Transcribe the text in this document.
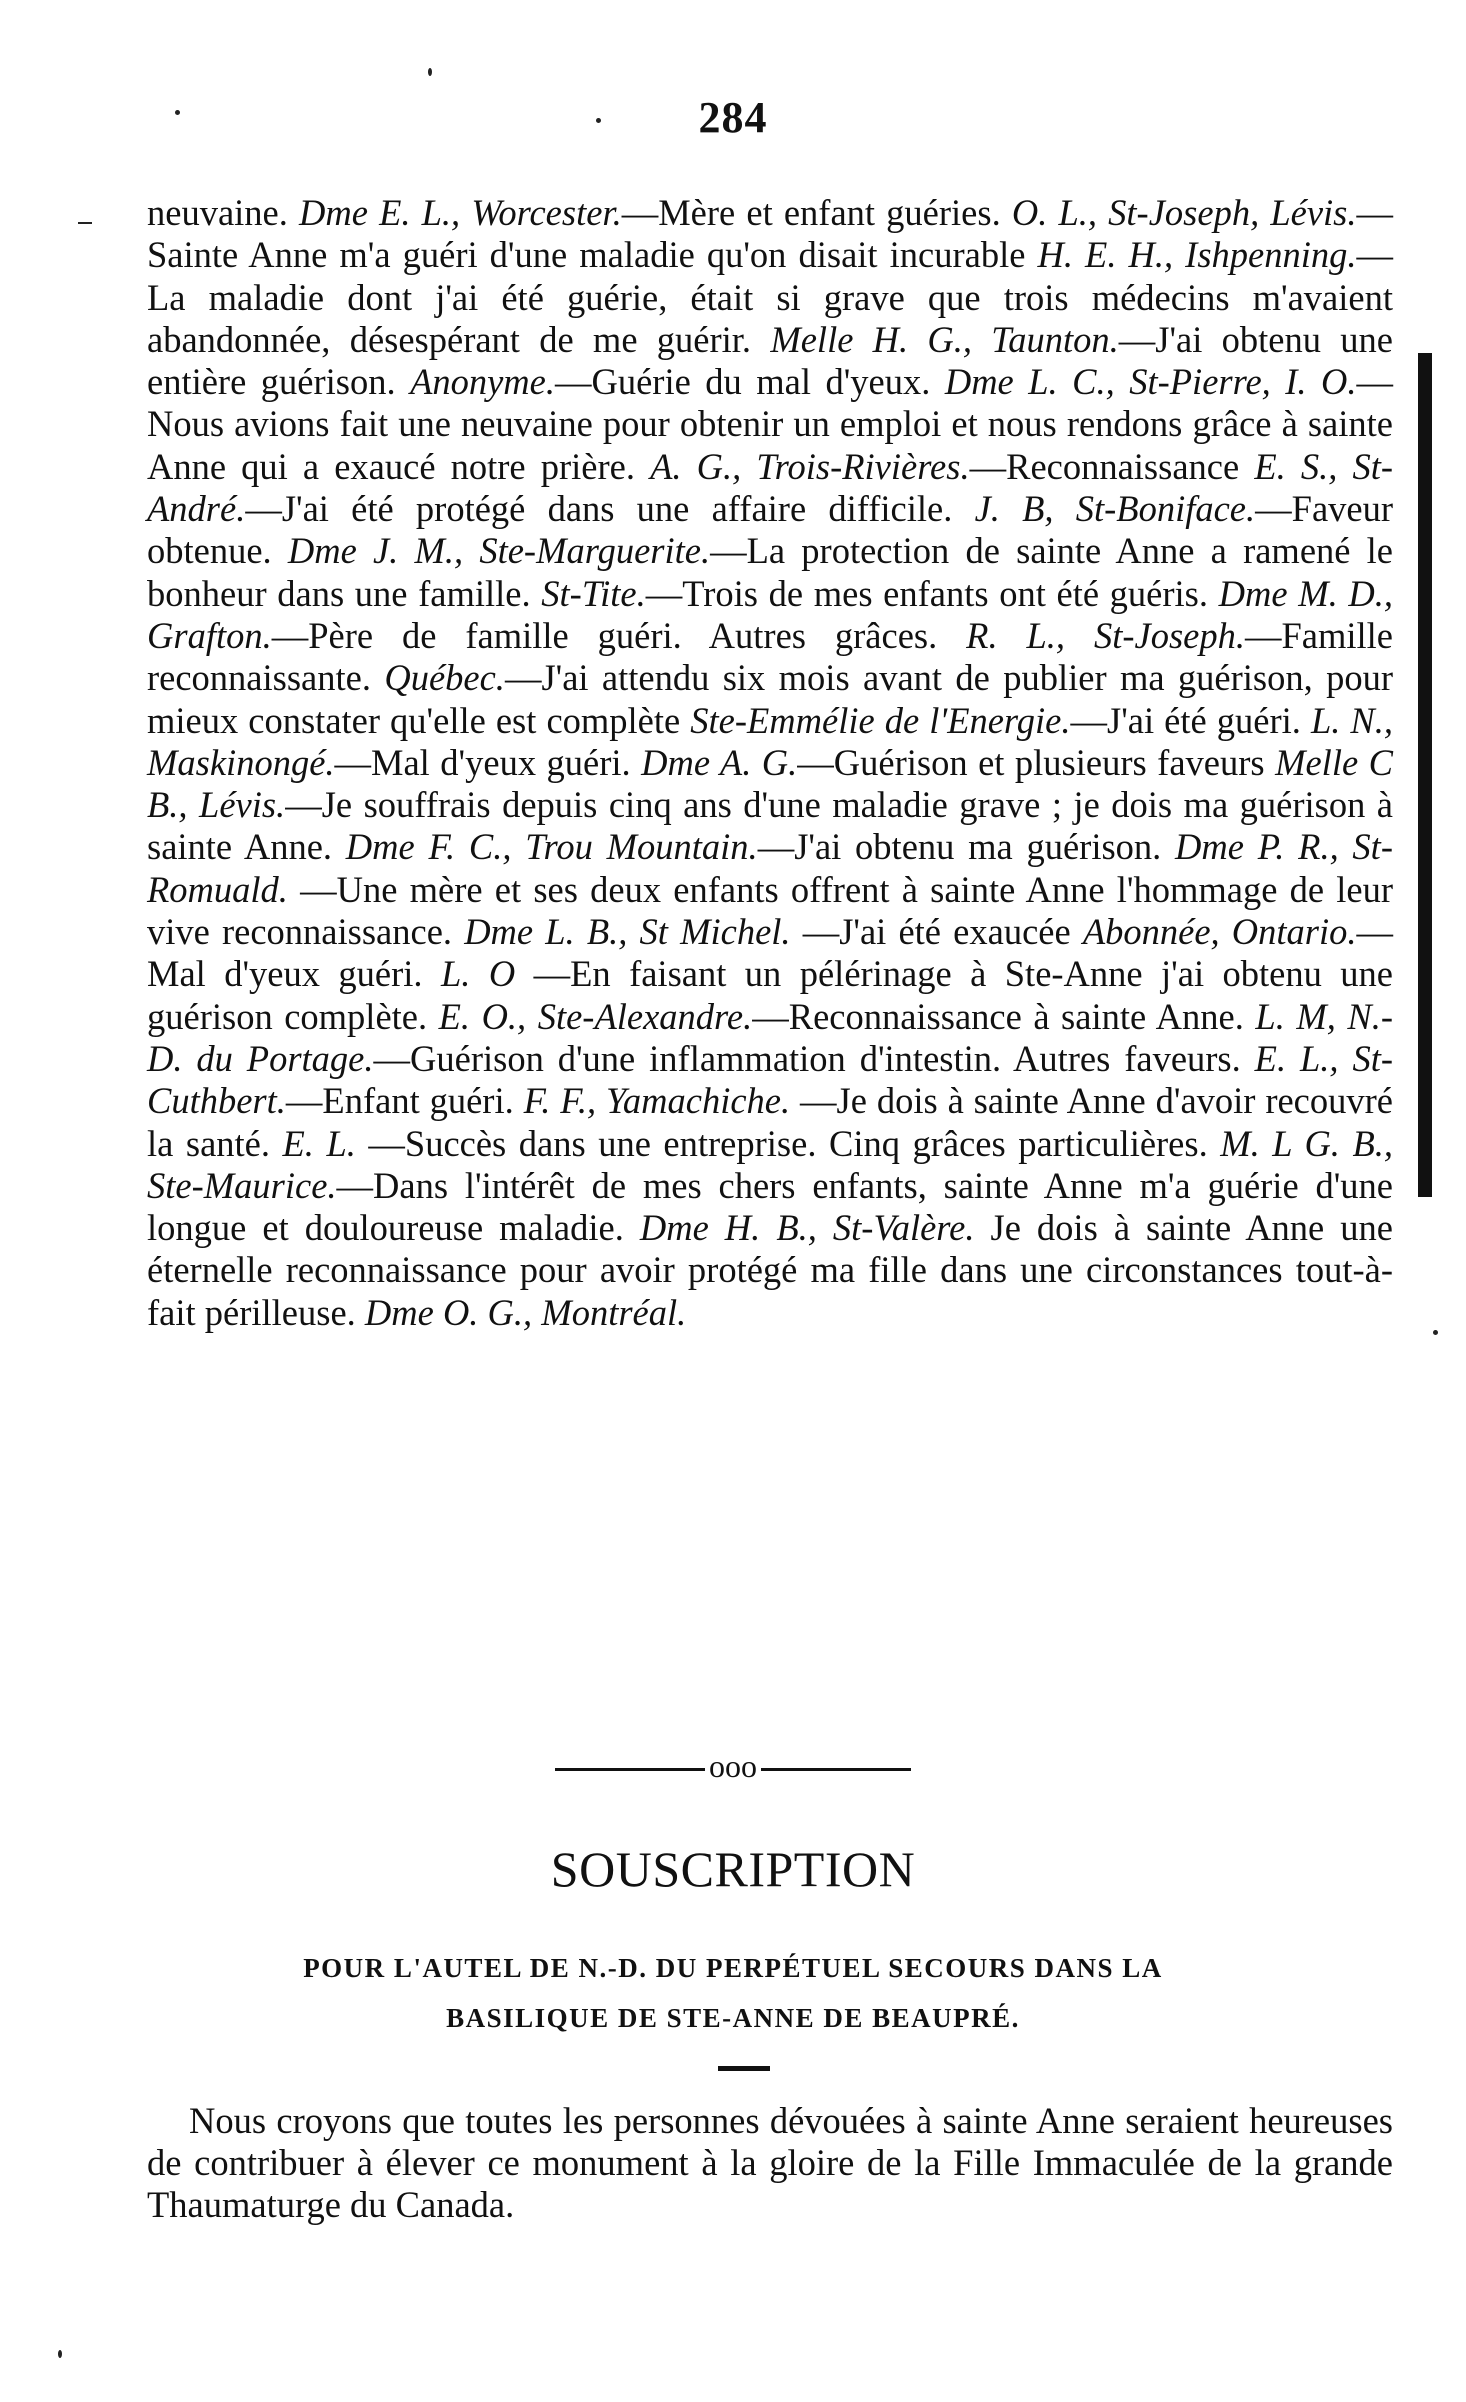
284
neuvaine. Dme E. L., Worcester.—Mère et enfant guéries. O. L., St-Joseph, Lévis.— Sainte Anne m'a guéri d'une maladie qu'on disait incurable H. E. H., Ishpenning.—La maladie dont j'ai été guérie, était si grave que trois médecins m'avaient abandonnée, désespérant de me guérir. Melle H. G., Taunton.—J'ai obtenu une entière guérison. Anonyme.—Guérie du mal d'yeux. Dme L. C., St-Pierre, I. O.—Nous avions fait une neuvaine pour obtenir un emploi et nous rendons grâce à sainte Anne qui a exaucé notre prière. A. G., Trois-Rivières.—Reconnaissance E. S., St-André.—J'ai été protégé dans une affaire difficile. J. B, St-Boniface.—Faveur obtenue. Dme J. M., Ste-Marguerite.—La protection de sainte Anne a ramené le bonheur dans une famille. St-Tite.—Trois de mes enfants ont été guéris. Dme M. D., Grafton.—Père de famille guéri. Autres grâces. R. L., St-Joseph.—Famille reconnaissante. Québec.—J'ai attendu six mois avant de publier ma guérison, pour mieux constater qu'elle est complète Ste-Emmélie de l'Energie.—J'ai été guéri. L. N., Maskinongé.—Mal d'yeux guéri. Dme A. G.—Guérison et plusieurs faveurs Melle C B., Lévis.—Je souffrais depuis cinq ans d'une maladie grave ; je dois ma guérison à sainte Anne. Dme F. C., Trou Mountain.—J'ai obtenu ma guérison. Dme P. R., St-Romuald. —Une mère et ses deux enfants offrent à sainte Anne l'hommage de leur vive reconnaissance. Dme L. B., St Michel. —J'ai été exaucée Abonnée, Ontario.—Mal d'yeux guéri. L. O —En faisant un pélérinage à Ste-Anne j'ai obtenu une guérison complète. E. O., Ste-Alexandre.—Reconnaissance à sainte Anne. L. M, N.-D. du Portage.—Guérison d'une inflammation d'intestin. Autres faveurs. E. L., St-Cuthbert.—Enfant guéri. F. F., Yamachiche. —Je dois à sainte Anne d'avoir recouvré la santé. E. L. —Succès dans une entreprise. Cinq grâces particulières. M. L G. B., Ste-Maurice.—Dans l'intérêt de mes chers enfants, sainte Anne m'a guérie d'une longue et douloureuse maladie. Dme H. B., St-Valère. Je dois à sainte Anne une éternelle reconnaissance pour avoir protégé ma fille dans une circonstances tout-à-fait périlleuse. Dme O. G., Montréal.
ooo
SOUSCRIPTION
POUR L'AUTEL DE N.-D. DU PERPÉTUEL SECOURS DANS LA
BASILIQUE DE STE-ANNE DE BEAUPRÉ.
Nous croyons que toutes les personnes dévouées à sainte Anne seraient heureuses de contribuer à élever ce monument à la gloire de la Fille Immaculée de la grande Thaumaturge du Canada.
